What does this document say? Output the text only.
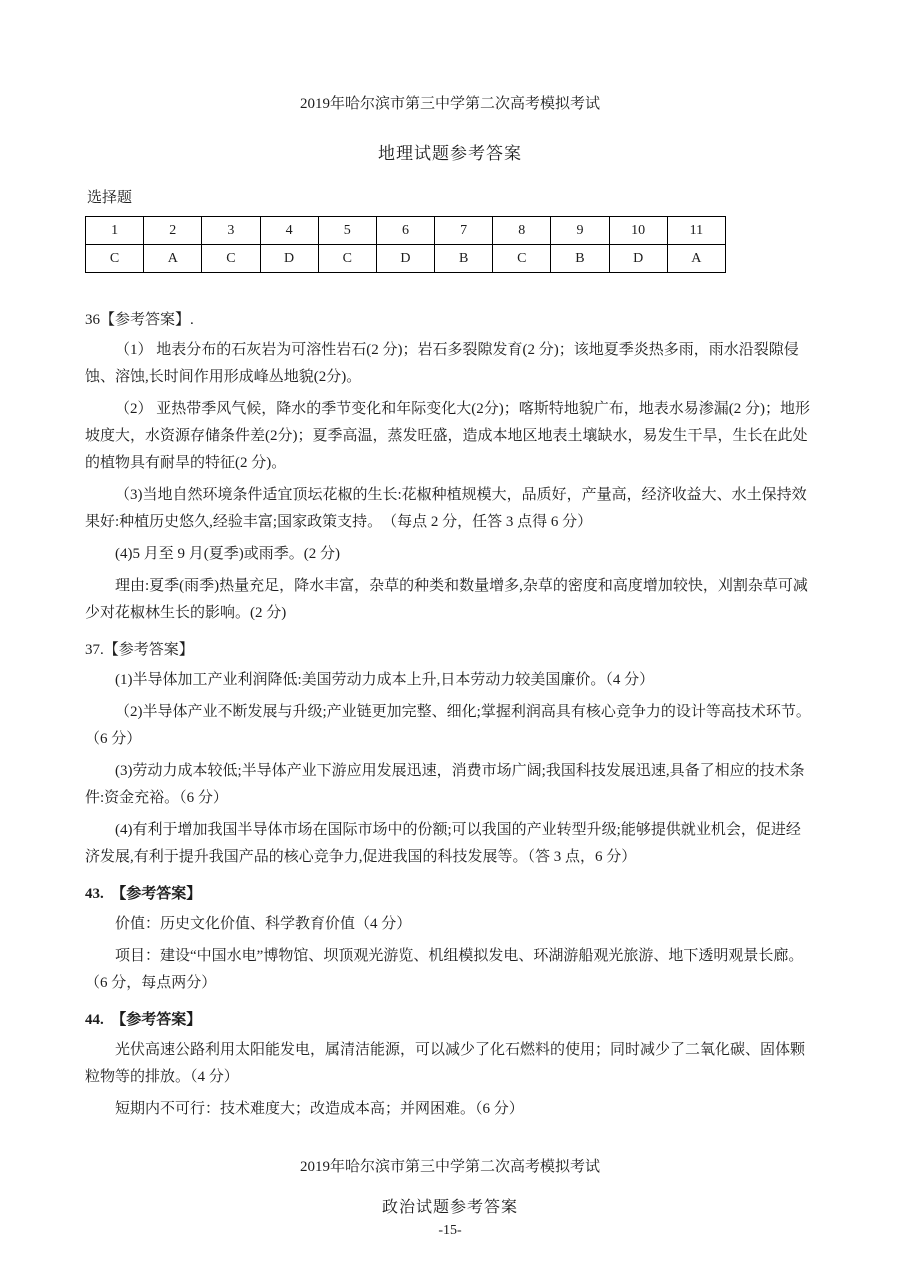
2019年哈尔滨市第三中学第二次高考模拟考试

地理试题参考答案

选择题

1	2	3	4	5	6	7	8	9	10	11
C	A	C	D	C	D	B	C	B	D	A

36【参考答案】.

（1） 地表分布的石灰岩为可溶性岩石(2 分)；岩石多裂隙发育(2 分)；该地夏季炎热多雨，雨水沿裂隙侵蚀、溶蚀,长时间作用形成峰丛地貌(2分)。

（2） 亚热带季风气候，降水的季节变化和年际变化大(2分)；喀斯特地貌广布，地表水易渗漏(2 分)；地形坡度大，水资源存储条件差(2分)；夏季高温，蒸发旺盛，造成本地区地表土壤缺水，易发生干旱，生长在此处的植物具有耐旱的特征(2 分)。

（3)当地自然环境条件适宜顶坛花椒的生长:花椒种植规模大，品质好，产量高，经济收益大、水土保持效果好:种植历史悠久,经验丰富;国家政策支持。　（每点 2 分，任答 3 点得 6 分）

(4)5 月至 9 月(夏季)或雨季。(2 分)

理由:夏季(雨季)热量充足，降水丰富，杂草的种类和数量增多,杂草的密度和高度增加较快，刈割杂草可减少对花椒林生长的影响。(2 分)

37.【参考答案】

(1)半导体加工产业利润降低:美国劳动力成本上升,日本劳动力较美国廉价。（4 分）

（2)半导体产业不断发展与升级;产业链更加完整、细化;掌握利润高具有核心竞争力的设计等高技术环节。（6 分）

(3)劳动力成本较低;半导体产业下游应用发展迅速，消费市场广阔;我国科技发展迅速,具备了相应的技术条件:资金充裕。（6 分）

(4)有利于增加我国半导体市场在国际市场中的份额;可以我国的产业转型升级;能够提供就业机会，促进经济发展,有利于提升我国产品的核心竞争力,促进我国的科技发展等。（答 3 点，6 分）

43.　【参考答案】

价值：历史文化价值、科学教育价值（4 分）

项目：建设“中国水电”博物馆、坝顶观光游览、机组模拟发电、环湖游船观光旅游、地下透明观景长廊。（6 分，每点两分）

44.　【参考答案】

光伏高速公路利用太阳能发电，属清洁能源，可以减少了化石燃料的使用；同时减少了二氧化碳、固体颗粒物等的排放。（4 分）

短期内不可行：技术难度大；改造成本高；并网困难。（6 分）

2019年哈尔滨市第三中学第二次高考模拟考试

政治试题参考答案

-15-
